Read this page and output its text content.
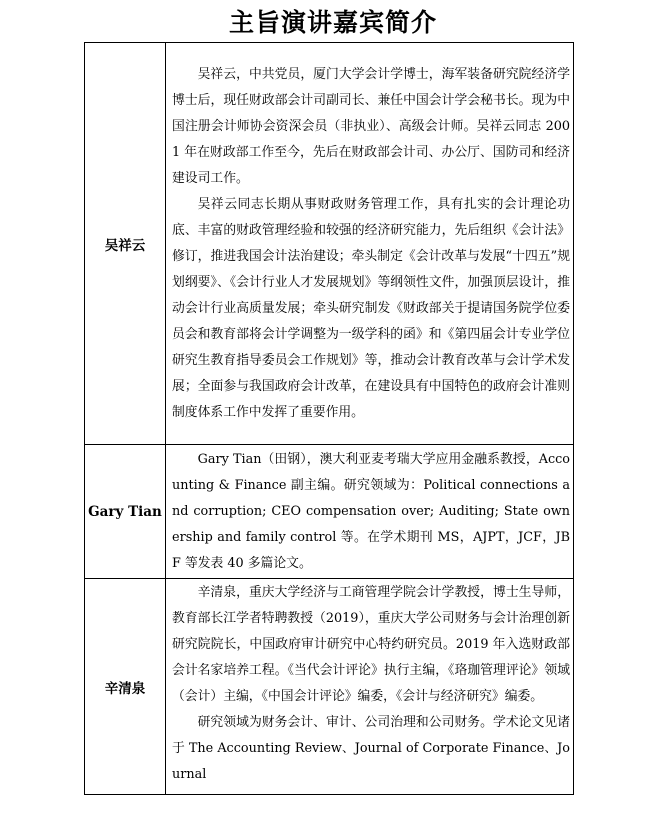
主旨演讲嘉宾简介
吴祥云	吴祥云，中共党员，厦门大学会计学博士，海军装备研究院经济学博士后，现任财政部会计司副司长、兼任中国会计学会秘书长。现为中国注册会计师协会资深会员（非执业）、高级会计师。吴祥云同志 2001 年在财政部工作至今，先后在财政部会计司、办公厅、国防司和经济建设司工作。

吴祥云同志长期从事财政财务管理工作，具有扎实的会计理论功底、丰富的财政管理经验和较强的经济研究能力，先后组织《会计法》修订，推进我国会计法治建设；牵头制定《会计改革与发展“十四五”规划纲要》、《会计行业人才发展规划》等纲领性文件，加强顶层设计，推动会计行业高质量发展；牵头研究制发《财政部关于提请国务院学位委员会和教育部将会计学调整为一级学科的函》和《第四届会计专业学位研究生教育指导委员会工作规划》等，推动会计教育改革与会计学术发展；全面参与我国政府会计改革，在建设具有中国特色的政府会计准则制度体系工作中发挥了重要作用。

Gary Tian	Gary Tian（田钢），澳大利亚麦考瑞大学应用金融系教授，Accounting & Finance 副主编。研究领域为：Political connections and corruption; CEO compensation over; Auditing; State ownership and family control 等。在学术期刊 MS，AJPT，JCF，JBF 等发表 40 多篇论文。

辛清泉	辛清泉，重庆大学经济与工商管理学院会计学教授，博士生导师，教育部长江学者特聘教授（2019），重庆大学公司财务与会计治理创新研究院院长，中国政府审计研究中心特约研究员。2019 年入选财政部会计名家培养工程。《当代会计评论》执行主编，《珞珈管理评论》领域（会计）主编，《中国会计评论》编委，《会计与经济研究》编委。

研究领域为财务会计、审计、公司治理和公司财务。学术论文见诸于 The Accounting Review、Journal of Corporate Finance、Journal
